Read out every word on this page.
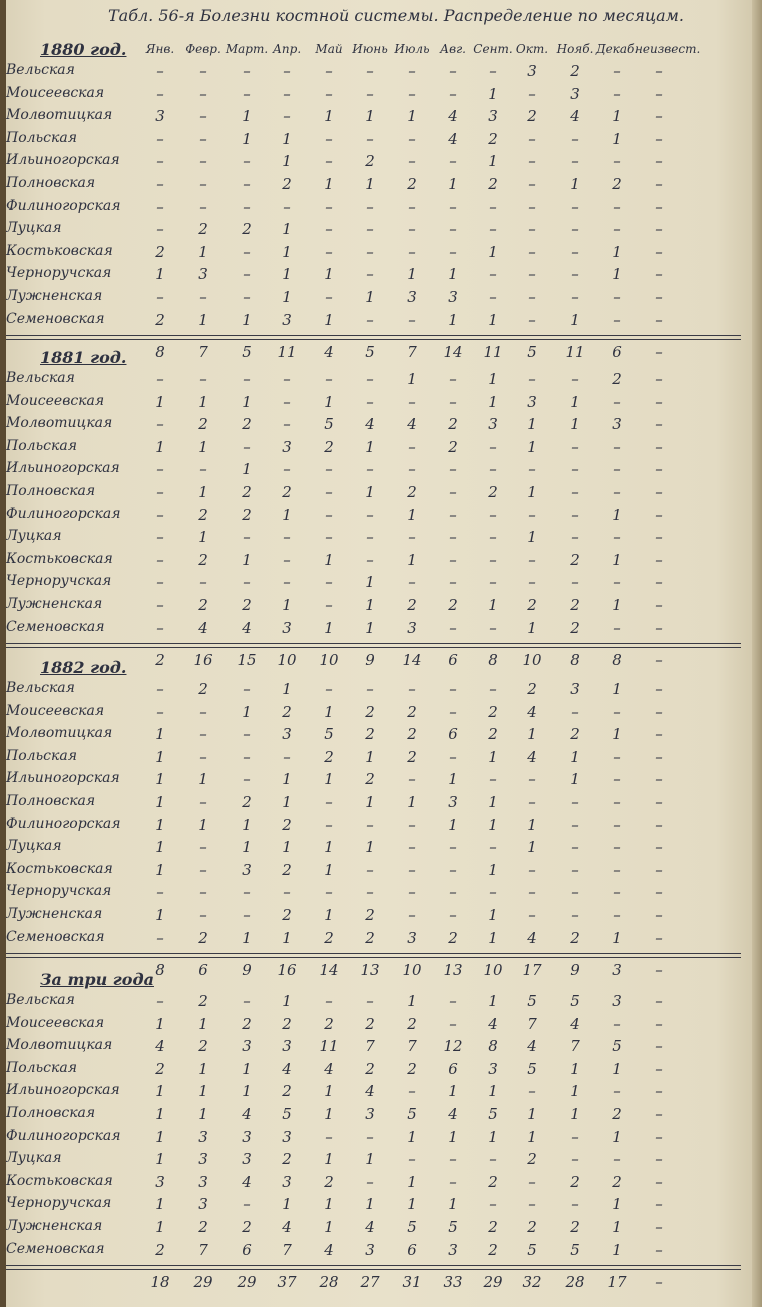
Табл. 56-я Болезни костной системы. Распределение по месяцам.
Янв. Февр. Март. Апр.	Май Июнь Июль Авг. Сент. Окт. Нояб. Декаб.
неизвест.
1880 год.
Вельская	–	–	–	–	–	–	–	–	–	3	2	–	–
Моисеевская	–	–	–	–	–	–	–	–	1	–	3	–	–
Молвотицкая	3	–	1	–	1	1	1	4	3	2	4	1	–
Польская	–	–	1	1	–	–	–	4	2	–	–	1	–
Ильиногорская	–	–	–	1	–	2	–	–	1	–	–	–	–
Полновская	–	–	–	2	1	1	2	1	2	–	1	2	–
Филиногорская	–	–	–	–	–	–	–	–	–	–	–	–	–
Луцкая	–	2	2	1	–	–	–	–	–	–	–	–	–
Костьковская	2	1	–	1	–	–	–	–	1	–	–	1	–
Черноручская	1	3	–	1	1	–	1	1	–	–	–	1	–
Лужненская	–	–	–	1	–	1	3	3	–	–	–	–	–
Семеновская	2	1	1	3	1	–	–	1	1	–	1	–	–
8	7	5	11	4	5	7	14	11	5	11	6	–
1881 год.
Вельская	–	–	–	–	–	–	1	–	1	–	–	2	–
Моисеевская	1	1	1	–	1	–	–	–	1	3	1	–	–
Молвотицкая	–	2	2	–	5	4	4	2	3	1	1	3	–
Польская	1	1	–	3	2	1	–	2	–	1	–	–	–
Ильиногорская	–	–	1	–	–	–	–	–	–	–	–	–	–
Полновская	–	1	2	2	–	1	2	–	2	1	–	–	–
Филиногорская	–	2	2	1	–	–	1	–	–	–	–	1	–
Луцкая	–	1	–	–	–	–	–	–	–	1	–	–	–
Костьковская	–	2	1	–	1	–	1	–	–	–	2	1	–
Черноручская	–	–	–	–	–	1	–	–	–	–	–	–	–
Лужненская	–	2	2	1	–	1	2	2	1	2	2	1	–
Семеновская	–	4	4	3	1	1	3	–	–	1	2	–	–
2	16	15	10	10	9	14	6	8	10	8	8	–
1882 год.
Вельская	–	2	–	1	–	–	–	–	–	2	3	1	–
Моисеевская	–	–	1	2	1	2	2	–	2	4	–	–	–
Молвотицкая	1	–	–	3	5	2	2	6	2	1	2	1	–
Польская	1	–	–	–	2	1	2	–	1	4	1	–	–
Ильиногорская	1	1	–	1	1	2	–	1	–	–	1	–	–
Полновская	1	–	2	1	–	1	1	3	1	–	–	–	–
Филиногорская	1	1	1	2	–	–	–	1	1	1	–	–	–
Луцкая	1	–	1	1	1	1	–	–	–	1	–	–	–
Костьковская	1	–	3	2	1	–	–	–	1	–	–	–	–
Черноручская	–	–	–	–	–	–	–	–	–	–	–	–	–
Лужненская	1	–	–	2	1	2	–	–	1	–	–	–	–
Семеновская	–	2	1	1	2	2	3	2	1	4	2	1	–
8	6	9	16	14	13	10	13	10	17	9	3	–
За три года
Вельская	–	2	–	1	–	–	1	–	1	5	5	3	–
Моисеевская	1	1	2	2	2	2	2	–	4	7	4	–	–
Молвотицкая	4	2	3	3	11	7	7	12	8	4	7	5	–
Польская	2	1	1	4	4	2	2	6	3	5	1	1	–
Ильиногорская	1	1	1	2	1	4	–	1	1	–	1	–	–
Полновская	1	1	4	5	1	3	5	4	5	1	1	2	–
Филиногорская	1	3	3	3	–	–	1	1	1	1	–	1	–
Луцкая	1	3	3	2	1	1	–	–	–	2	–	–	–
Костьковская	3	3	4	3	2	–	1	–	2	–	2	2	–
Черноручская	1	3	–	1	1	1	1	1	–	–	–	1	–
Лужненская	1	2	2	4	1	4	5	5	2	2	2	1	–
Семеновская	2	7	6	7	4	3	6	3	2	5	5	1	–
18	29	29	37	28	27	31	33	29	32	28	17	–
